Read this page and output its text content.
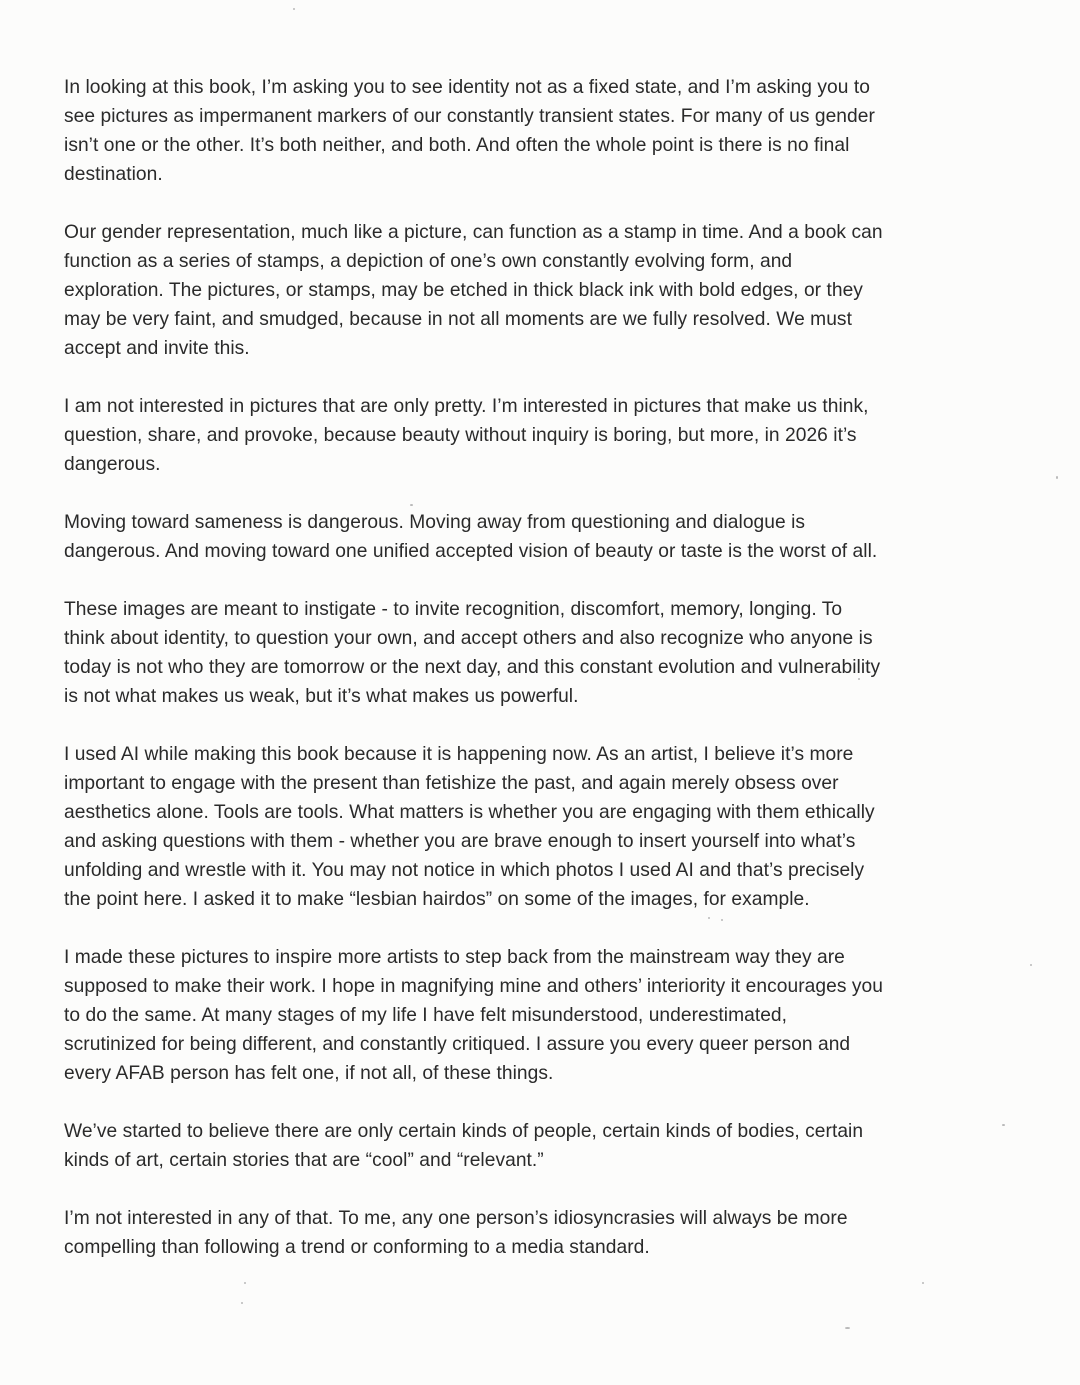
In looking at this book, I’m asking you to see identity not as a fixed state, and I’m asking you to
see pictures as impermanent markers of our constantly transient states. For many of us gender
isn’t one or the other. It’s both neither, and both. And often the whole point is there is no final
destination.

Our gender representation, much like a picture, can function as a stamp in time. And a book can
function as a series of stamps, a depiction of one’s own constantly evolving form, and
exploration. The pictures, or stamps, may be etched in thick black ink with bold edges, or they
may be very faint, and smudged, because in not all moments are we fully resolved. We must
accept and invite this.

I am not interested in pictures that are only pretty. I’m interested in pictures that make us think,
question, share, and provoke, because beauty without inquiry is boring, but more, in 2026 it’s
dangerous.

Moving toward sameness is dangerous. Moving away from questioning and dialogue is
dangerous. And moving toward one unified accepted vision of beauty or taste is the worst of all.

These images are meant to instigate - to invite recognition, discomfort, memory, longing. To
think about identity, to question your own, and accept others and also recognize who anyone is
today is not who they are tomorrow or the next day, and this constant evolution and vulnerability
is not what makes us weak, but it’s what makes us powerful.

I used AI while making this book because it is happening now. As an artist, I believe it’s more
important to engage with the present than fetishize the past, and again merely obsess over
aesthetics alone. Tools are tools. What matters is whether you are engaging with them ethically
and asking questions with them - whether you are brave enough to insert yourself into what’s
unfolding and wrestle with it. You may not notice in which photos I used AI and that’s precisely
the point here. I asked it to make “lesbian hairdos” on some of the images, for example.

I made these pictures to inspire more artists to step back from the mainstream way they are
supposed to make their work. I hope in magnifying mine and others’ interiority it encourages you
to do the same. At many stages of my life I have felt misunderstood, underestimated,
scrutinized for being different, and constantly critiqued. I assure you every queer person and
every AFAB person has felt one, if not all, of these things.

We’ve started to believe there are only certain kinds of people, certain kinds of bodies, certain
kinds of art, certain stories that are “cool” and “relevant.”

I’m not interested in any of that. To me, any one person’s idiosyncrasies will always be more
compelling than following a trend or conforming to a media standard.
